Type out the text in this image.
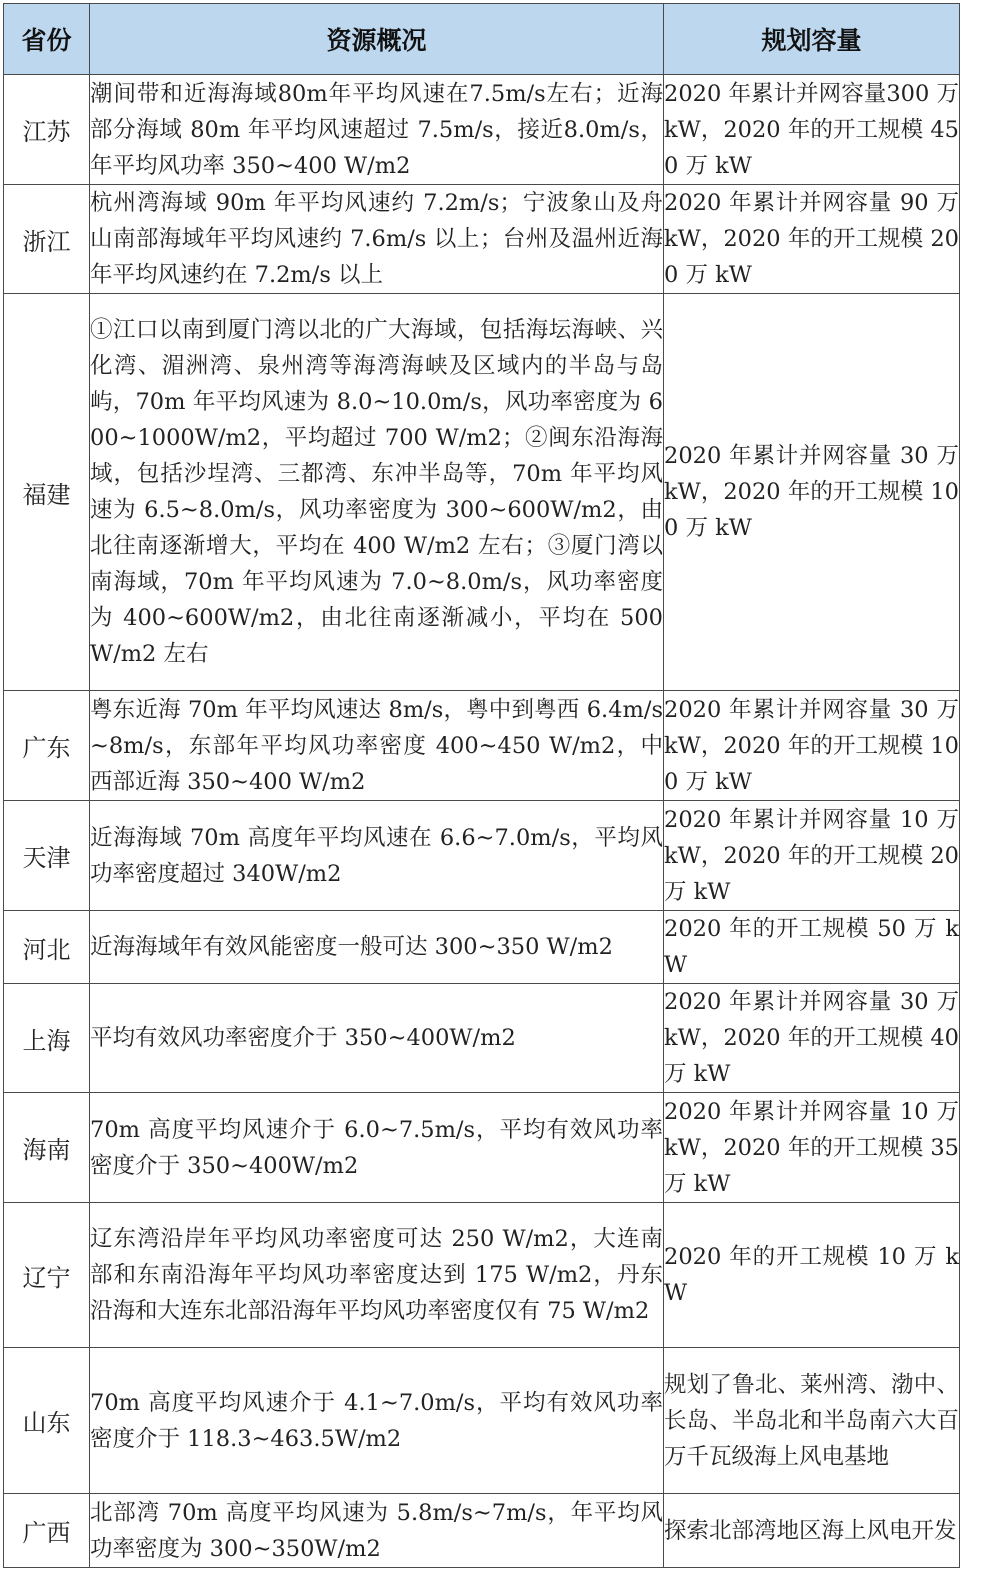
省份	资源概况	规划容量
江苏	潮间带和近海海域80m年平均风速在7.5m/s左右；近海部分海域 80m 年平均风速超过 7.5m/s，接近8.0m/s，年平均风功率 350~400 W/m2	2020 年累计并网容量300 万 kW，2020 年的开工规模 450 万 kW
浙江	杭州湾海域 90m 年平均风速约 7.2m/s；宁波象山及舟山南部海域年平均风速约 7.6m/s 以上；台州及温州近海年平均风速约在 7.2m/s 以上	2020 年累计并网容量 90 万 kW，2020 年的开工规模 200 万 kW
福建	①江口以南到厦门湾以北的广大海域，包括海坛海峡、兴化湾、湄洲湾、泉州湾等海湾海峡及区域内的半岛与岛屿，70m 年平均风速为 8.0~10.0m/s，风功率密度为 600~1000W/m2，平均超过 700 W/m2；②闽东沿海海域，包括沙埕湾、三都湾、东冲半岛等，70m 年平均风速为 6.5~8.0m/s，风功率密度为 300~600W/m2，由北往南逐渐增大，平均在 400 W/m2 左右；③厦门湾以南海域，70m 年平均风速为 7.0~8.0m/s，风功率密度为 400~600W/m2，由北往南逐渐减小，平均在 500 W/m2 左右	2020 年累计并网容量 30 万 kW，2020 年的开工规模 100 万 kW
广东	粤东近海 70m 年平均风速达 8m/s，粤中到粤西 6.4m/s~8m/s，东部年平均风功率密度 400~450 W/m2，中西部近海 350~400 W/m2	2020 年累计并网容量 30 万 kW，2020 年的开工规模 100 万 kW
天津	近海海域 70m 高度年平均风速在 6.6~7.0m/s，平均风功率密度超过 340W/m2	2020 年累计并网容量 10 万 kW，2020 年的开工规模 20 万 kW
河北	近海海域年有效风能密度一般可达 300~350 W/m2	2020 年的开工规模 50 万 kW
上海	平均有效风功率密度介于 350~400W/m2	2020 年累计并网容量 30 万 kW，2020 年的开工规模 40 万 kW
海南	70m 高度平均风速介于 6.0~7.5m/s，平均有效风功率密度介于 350~400W/m2	2020 年累计并网容量 10 万 kW，2020 年的开工规模 35 万 kW
辽宁	辽东湾沿岸年平均风功率密度可达 250 W/m2，大连南部和东南沿海年平均风功率密度达到 175 W/m2，丹东沿海和大连东北部沿海年平均风功率密度仅有 75 W/m2	2020 年的开工规模 10 万 kW
山东	70m 高度平均风速介于 4.1~7.0m/s，平均有效风功率密度介于 118.3~463.5W/m2	规划了鲁北、莱州湾、渤中、长岛、半岛北和半岛南六大百万千瓦级海上风电基地
广西	北部湾 70m 高度平均风速为 5.8m/s~7m/s，年平均风功率密度为 300~350W/m2	探索北部湾地区海上风电开发
